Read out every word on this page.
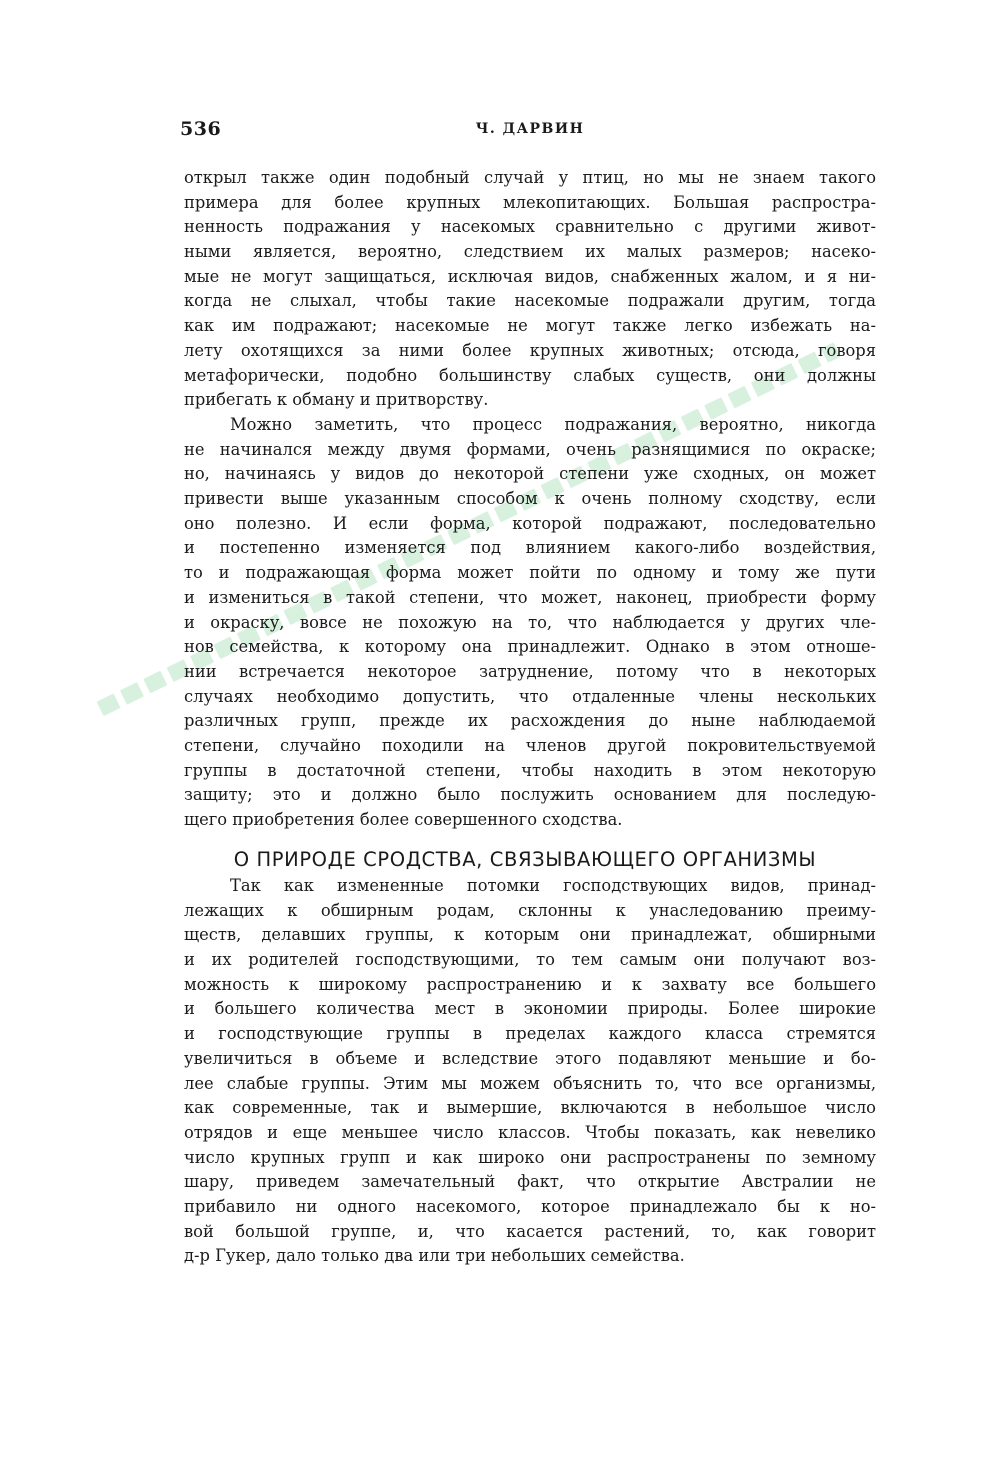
536	Ч. ДАРВИН
открыл также один подобный случай у птиц, но мы не знаем такого
примера для более крупных млекопитающих. Большая распростра-
ненность подражания у насекомых сравнительно с другими живот-
ными является, вероятно, следствием их малых размеров; насеко-
мые не могут защищаться, исключая видов, снабженных жалом, и я ни-
когда не слыхал, чтобы такие насекомые подражали другим, тогда
как им подражают; насекомые не могут также легко избежать на-
лету охотящихся за ними более крупных животных; отсюда, говоря
метафорически, подобно большинству слабых существ, они должны
прибегать к обману и притворству.
Можно заметить, что процесс подражания, вероятно, никогда
не начинался между двумя формами, очень разнящимися по окраске;
но, начинаясь у видов до некоторой степени уже сходных, он может
привести выше указанным способом к очень полному сходству, если
оно полезно. И если форма, которой подражают, последовательно
и постепенно изменяется под влиянием какого-либо воздействия,
то и подражающая форма может пойти по одному и тому же пути
и измениться в такой степени, что может, наконец, приобрести форму
и окраску, вовсе не похожую на то, что наблюдается у других чле-
нов семейства, к которому она принадлежит. Однако в этом отноше-
нии встречается некоторое затруднение, потому что в некоторых
случаях необходимо допустить, что отдаленные члены нескольких
различных групп, прежде их расхождения до ныне наблюдаемой
степени, случайно походили на членов другой покровительствуемой
группы в достаточной степени, чтобы находить в этом некоторую
защиту; это и должно было послужить основанием для последую-
щего приобретения более совершенного сходства.
О ПРИРОДЕ СРОДСТВА, СВЯЗЫВАЮЩЕГО ОРГАНИЗМЫ
Так как измененные потомки господствующих видов, принад-
лежащих к обширным родам, склонны к унаследованию преиму-
ществ, делавших группы, к которым они принадлежат, обширными
и их родителей господствующими, то тем самым они получают воз-
можность к широкому распространению и к захвату все большего
и большего количества мест в экономии природы. Более широкие
и господствующие группы в пределах каждого класса стремятся
увеличиться в объеме и вследствие этого подавляют меньшие и бо-
лее слабые группы. Этим мы можем объяснить то, что все организмы,
как современные, так и вымершие, включаются в небольшое число
отрядов и еще меньшее число классов. Чтобы показать, как невелико
число крупных групп и как широко они распространены по земному
шару, приведем замечательный факт, что открытие Австралии не
прибавило ни одного насекомого, которое принадлежало бы к но-
вой большой группе, и, что касается растений, то, как говорит
д-р Гукер, дало только два или три небольших семейства.
